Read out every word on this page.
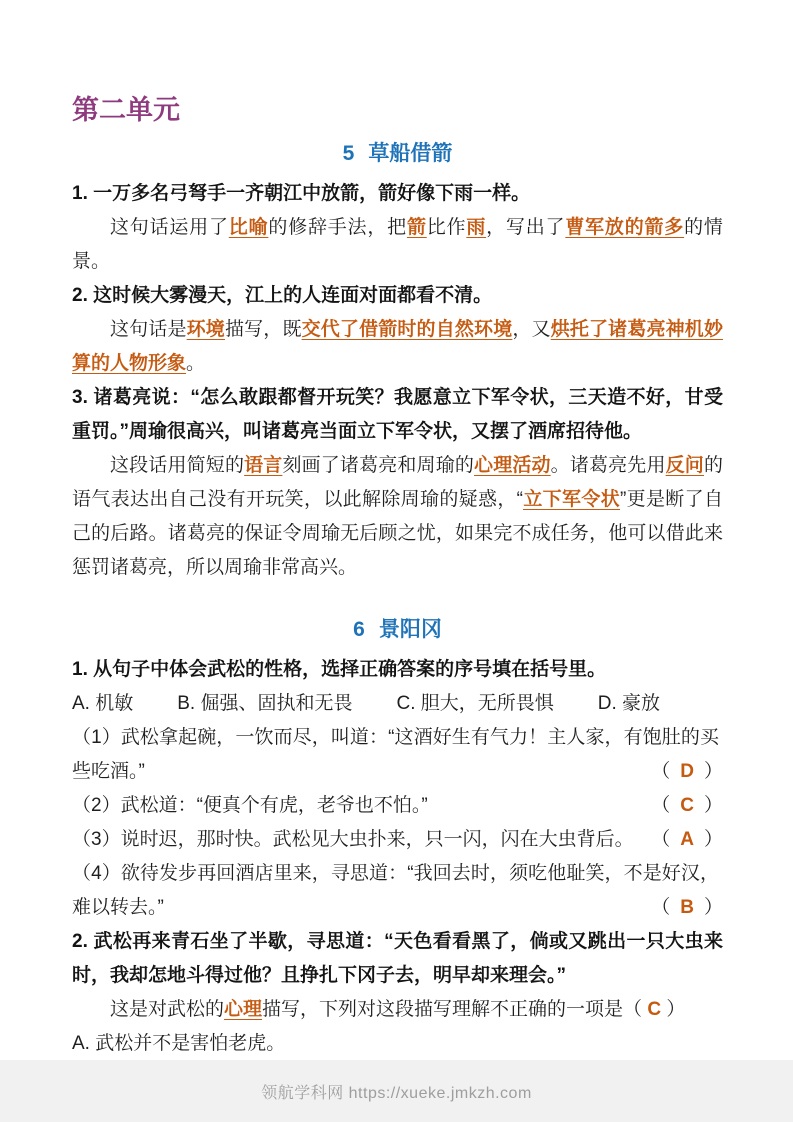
第二单元
5 草船借箭

1. 一万多名弓弩手一齐朝江中放箭，箭好像下雨一样。

这句话运用了比喻的修辞手法，把箭比作雨，写出了曹军放的箭多的情景。

2. 这时候大雾漫天，江上的人连面对面都看不清。

这句话是环境描写，既交代了借箭时的自然环境，又烘托了诸葛亮神机妙算的人物形象。

3. 诸葛亮说：“怎么敢跟都督开玩笑？我愿意立下军令状，三天造不好，甘受重罚。”周瑜很高兴，叫诸葛亮当面立下军令状，又摆了酒席招待他。

这段话用简短的语言刻画了诸葛亮和周瑜的心理活动。诸葛亮先用反问的语气表达出自己没有开玩笑，以此解除周瑜的疑惑，“立下军令状”更是断了自己的后路。诸葛亮的保证令周瑜无后顾之忧，如果完不成任务，他可以借此来惩罚诸葛亮，所以周瑜非常高兴。

6 景阳冈

1. 从句子中体会武松的性格，选择正确答案的序号填在括号里。

A. 机敏 B. 倔强、固执和无畏 C. 胆大，无所畏惧 D. 豪放
（1）武松拿起碗，一饮而尽，叫道：“这酒好生有气力！主人家，有饱肚的买些吃酒。”	（ D ）
（2）武松道：“便真个有虎，老爷也不怕。”	（ C ）
（3）说时迟，那时快。武松见大虫扑来，只一闪，闪在大虫背后。 （ A ）
（4）欲待发步再回酒店里来，寻思道：“我回去时，须吃他耻笑，不是好汉，难以转去。”	（ B ）

2. 武松再来青石坐了半歇，寻思道：“天色看看黑了，倘或又跳出一只大虫来时，我却怎地斗得过他？且挣扎下冈子去，明早却来理会。”

这是对武松的心理描写，下列对这段描写理解不正确的一项是（ C ）

A. 武松并不是害怕老虎。

领航学科网 https://xueke.jmkzh.com
